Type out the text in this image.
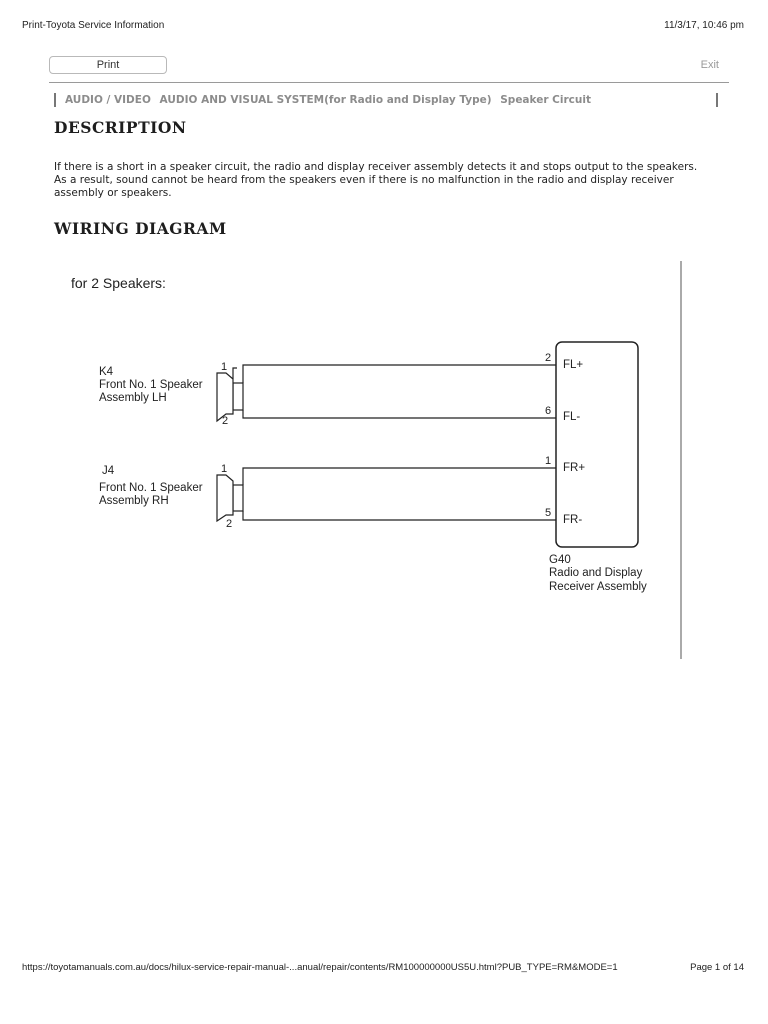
Print-Toyota Service Information	11/3/17, 10:46 pm
Print	Exit
AUDIO / VIDEO AUDIO AND VISUAL SYSTEM(for Radio and Display Type) Speaker Circuit
DESCRIPTION

If there is a short in a speaker circuit, the radio and display receiver assembly detects it and stops output to the speakers.

As a result, sound cannot be heard from the speakers even if there is no malfunction in the radio and display receiver assembly or speakers.

WIRING DIAGRAM
for 2 Speakers:
K4
Front No. 1 Speaker
Assembly LH
1
2
J4
Front No. 1 Speaker
Assembly RH
1
2
2
6
1
5
FL+
FL-
FR+
FR-
G40
Radio and Display
Receiver Assembly
https://toyotamanuals.com.au/docs/hilux-service-repair-manual-...anual/repair/contents/RM100000000US5U.html?PUB_TYPE=RM&MODE=1	Page 1 of 14
